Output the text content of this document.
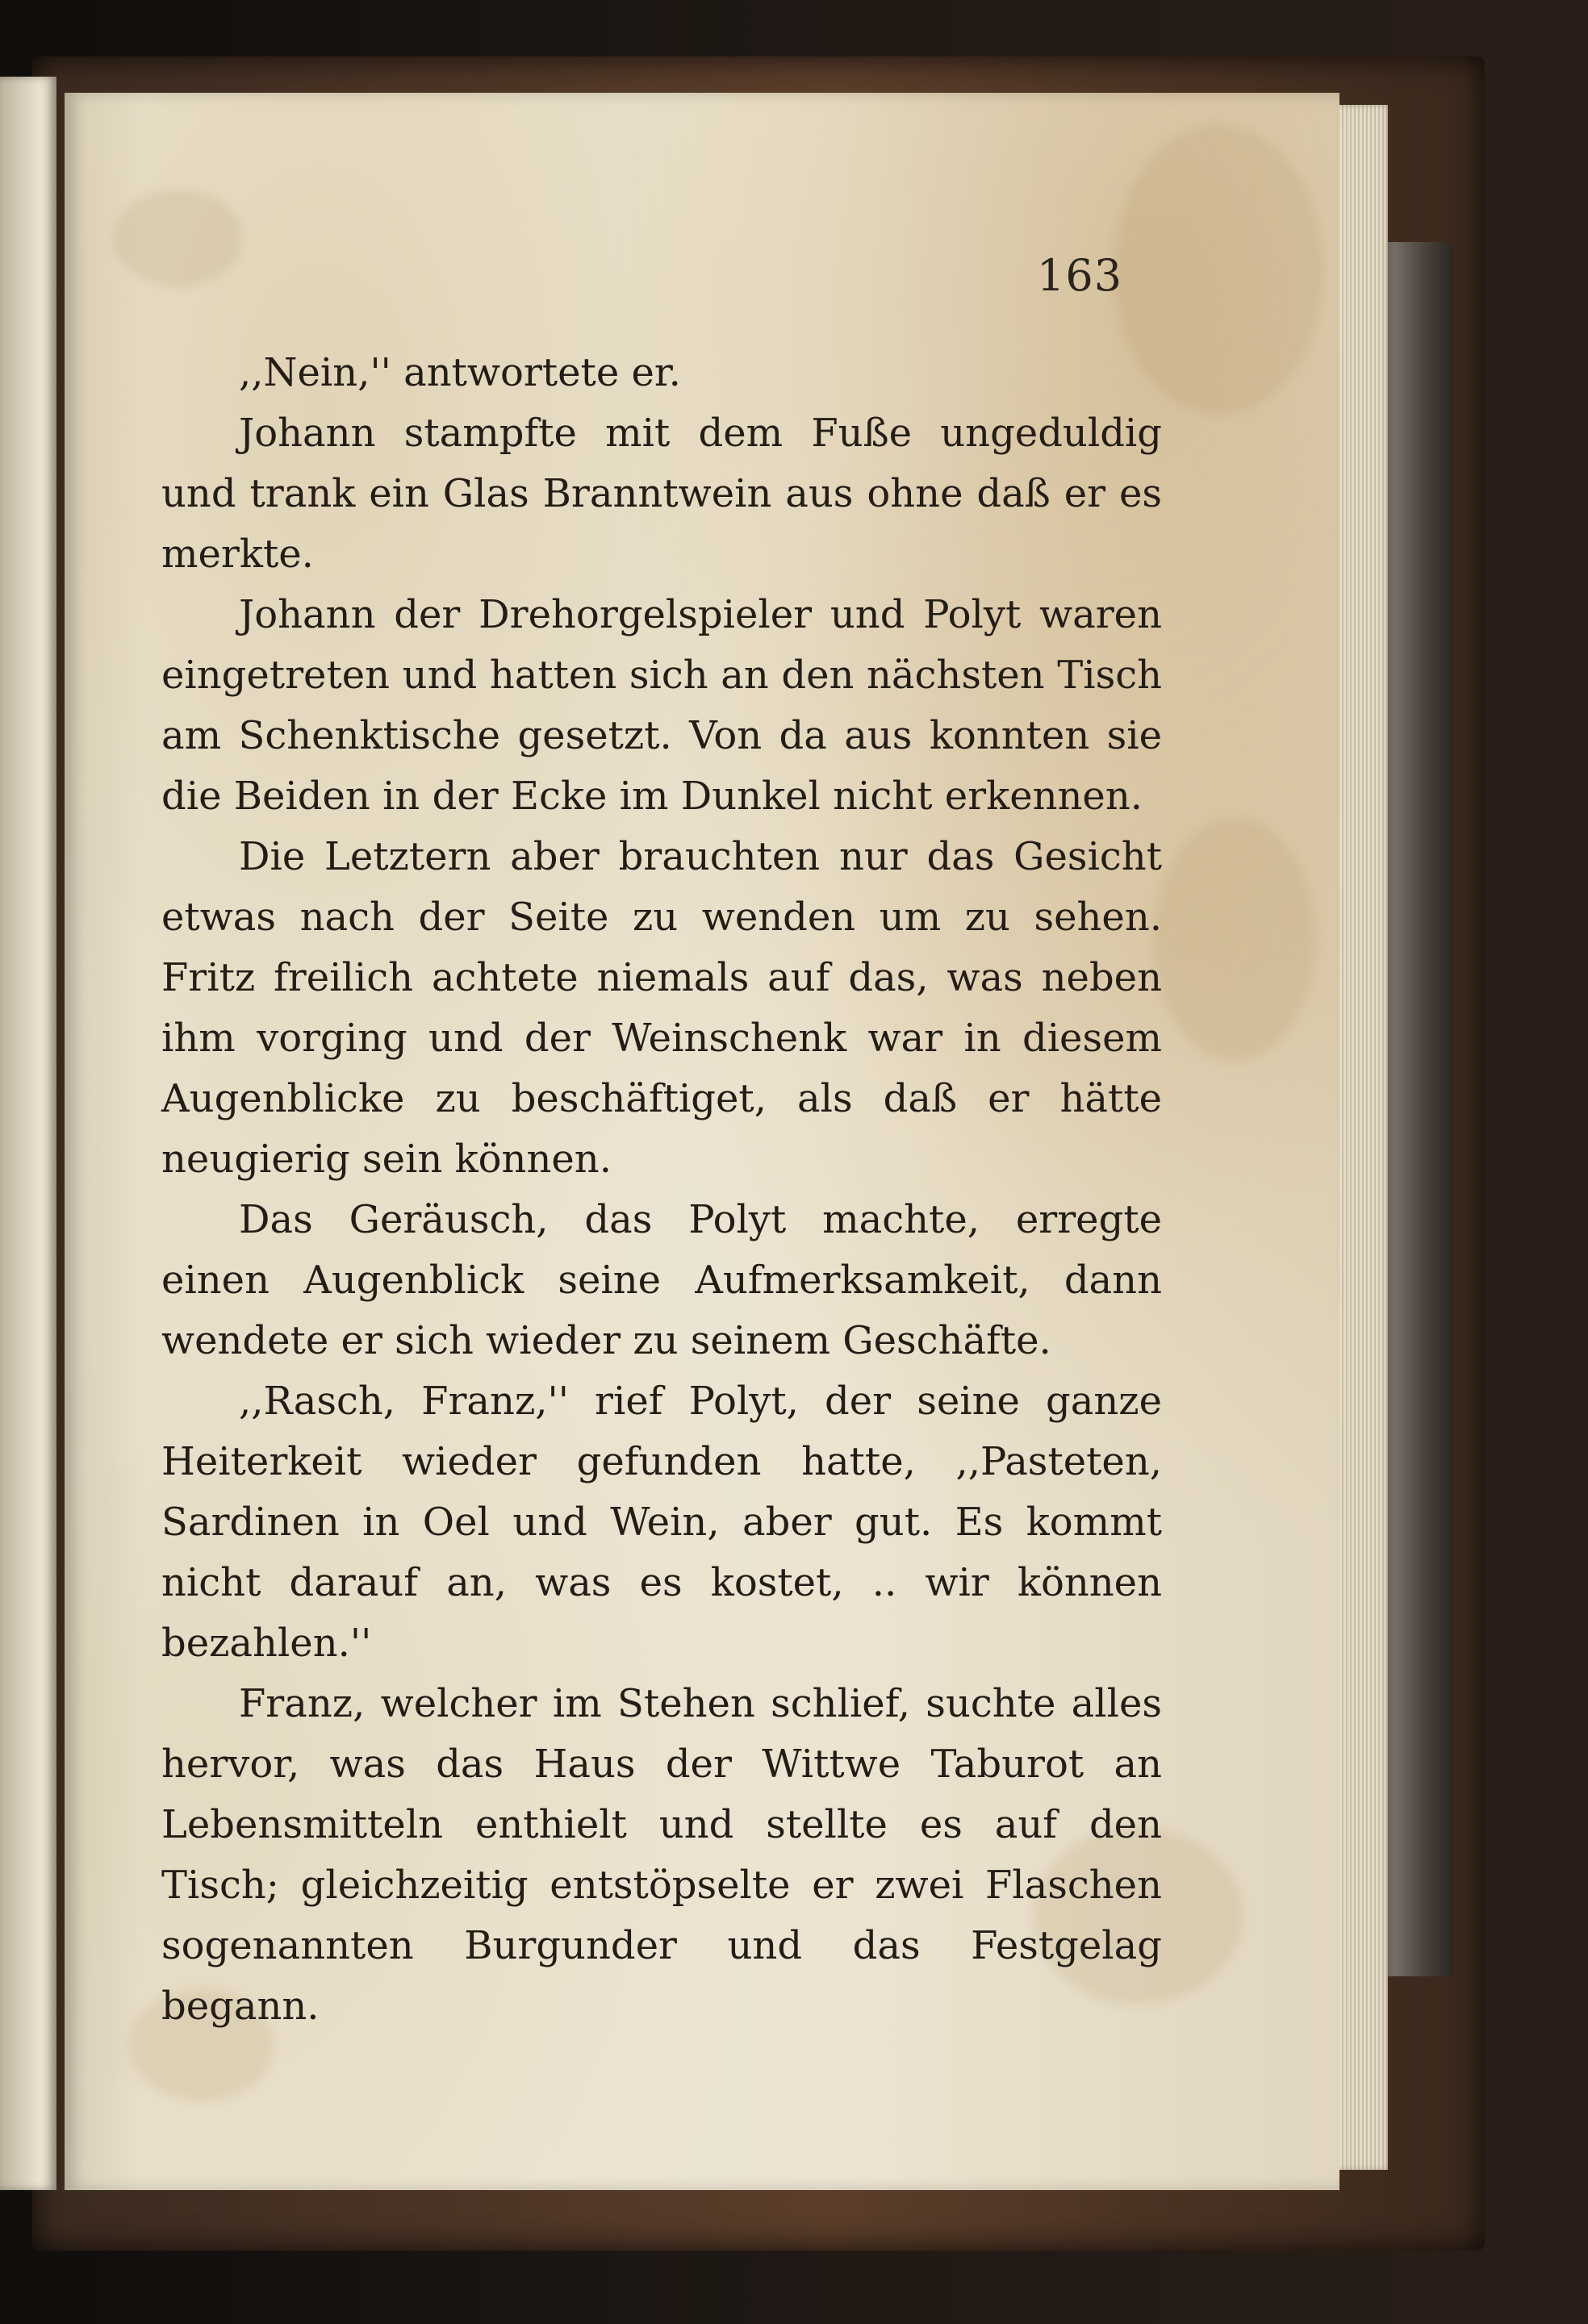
163

,,Nein,'' antwortete er.

Johann stampfte mit dem Fuße ungeduldig und trank ein Glas Branntwein aus ohne daß er es merkte.

Johann der Drehorgelspieler und Polyt waren eingetreten und hatten sich an den nächsten Tisch am Schenktische gesetzt. Von da aus konnten sie die Beiden in der Ecke im Dunkel nicht erkennen.

Die Letztern aber brauchten nur das Gesicht etwas nach der Seite zu wenden um zu sehen. Fritz freilich achtete niemals auf das, was neben ihm vorging und der Weinschenk war in diesem Augenblicke zu beschäftiget, als daß er hätte neugierig sein können.

Das Geräusch, das Polyt machte, erregte einen Augenblick seine Aufmerksamkeit, dann wendete er sich wieder zu seinem Geschäfte.

,,Rasch, Franz,'' rief Polyt, der seine ganze Heiterkeit wieder gefunden hatte, ,,Pasteten, Sardinen in Oel und Wein, aber gut. Es kommt nicht darauf an, was es kostet, .. wir können bezahlen.''

Franz, welcher im Stehen schlief, suchte alles hervor, was das Haus der Wittwe Taburot an Lebensmitteln enthielt und stellte es auf den Tisch; gleichzeitig entstöpselte er zwei Flaschen sogenannten Burgunder und das Festgelag begann.
